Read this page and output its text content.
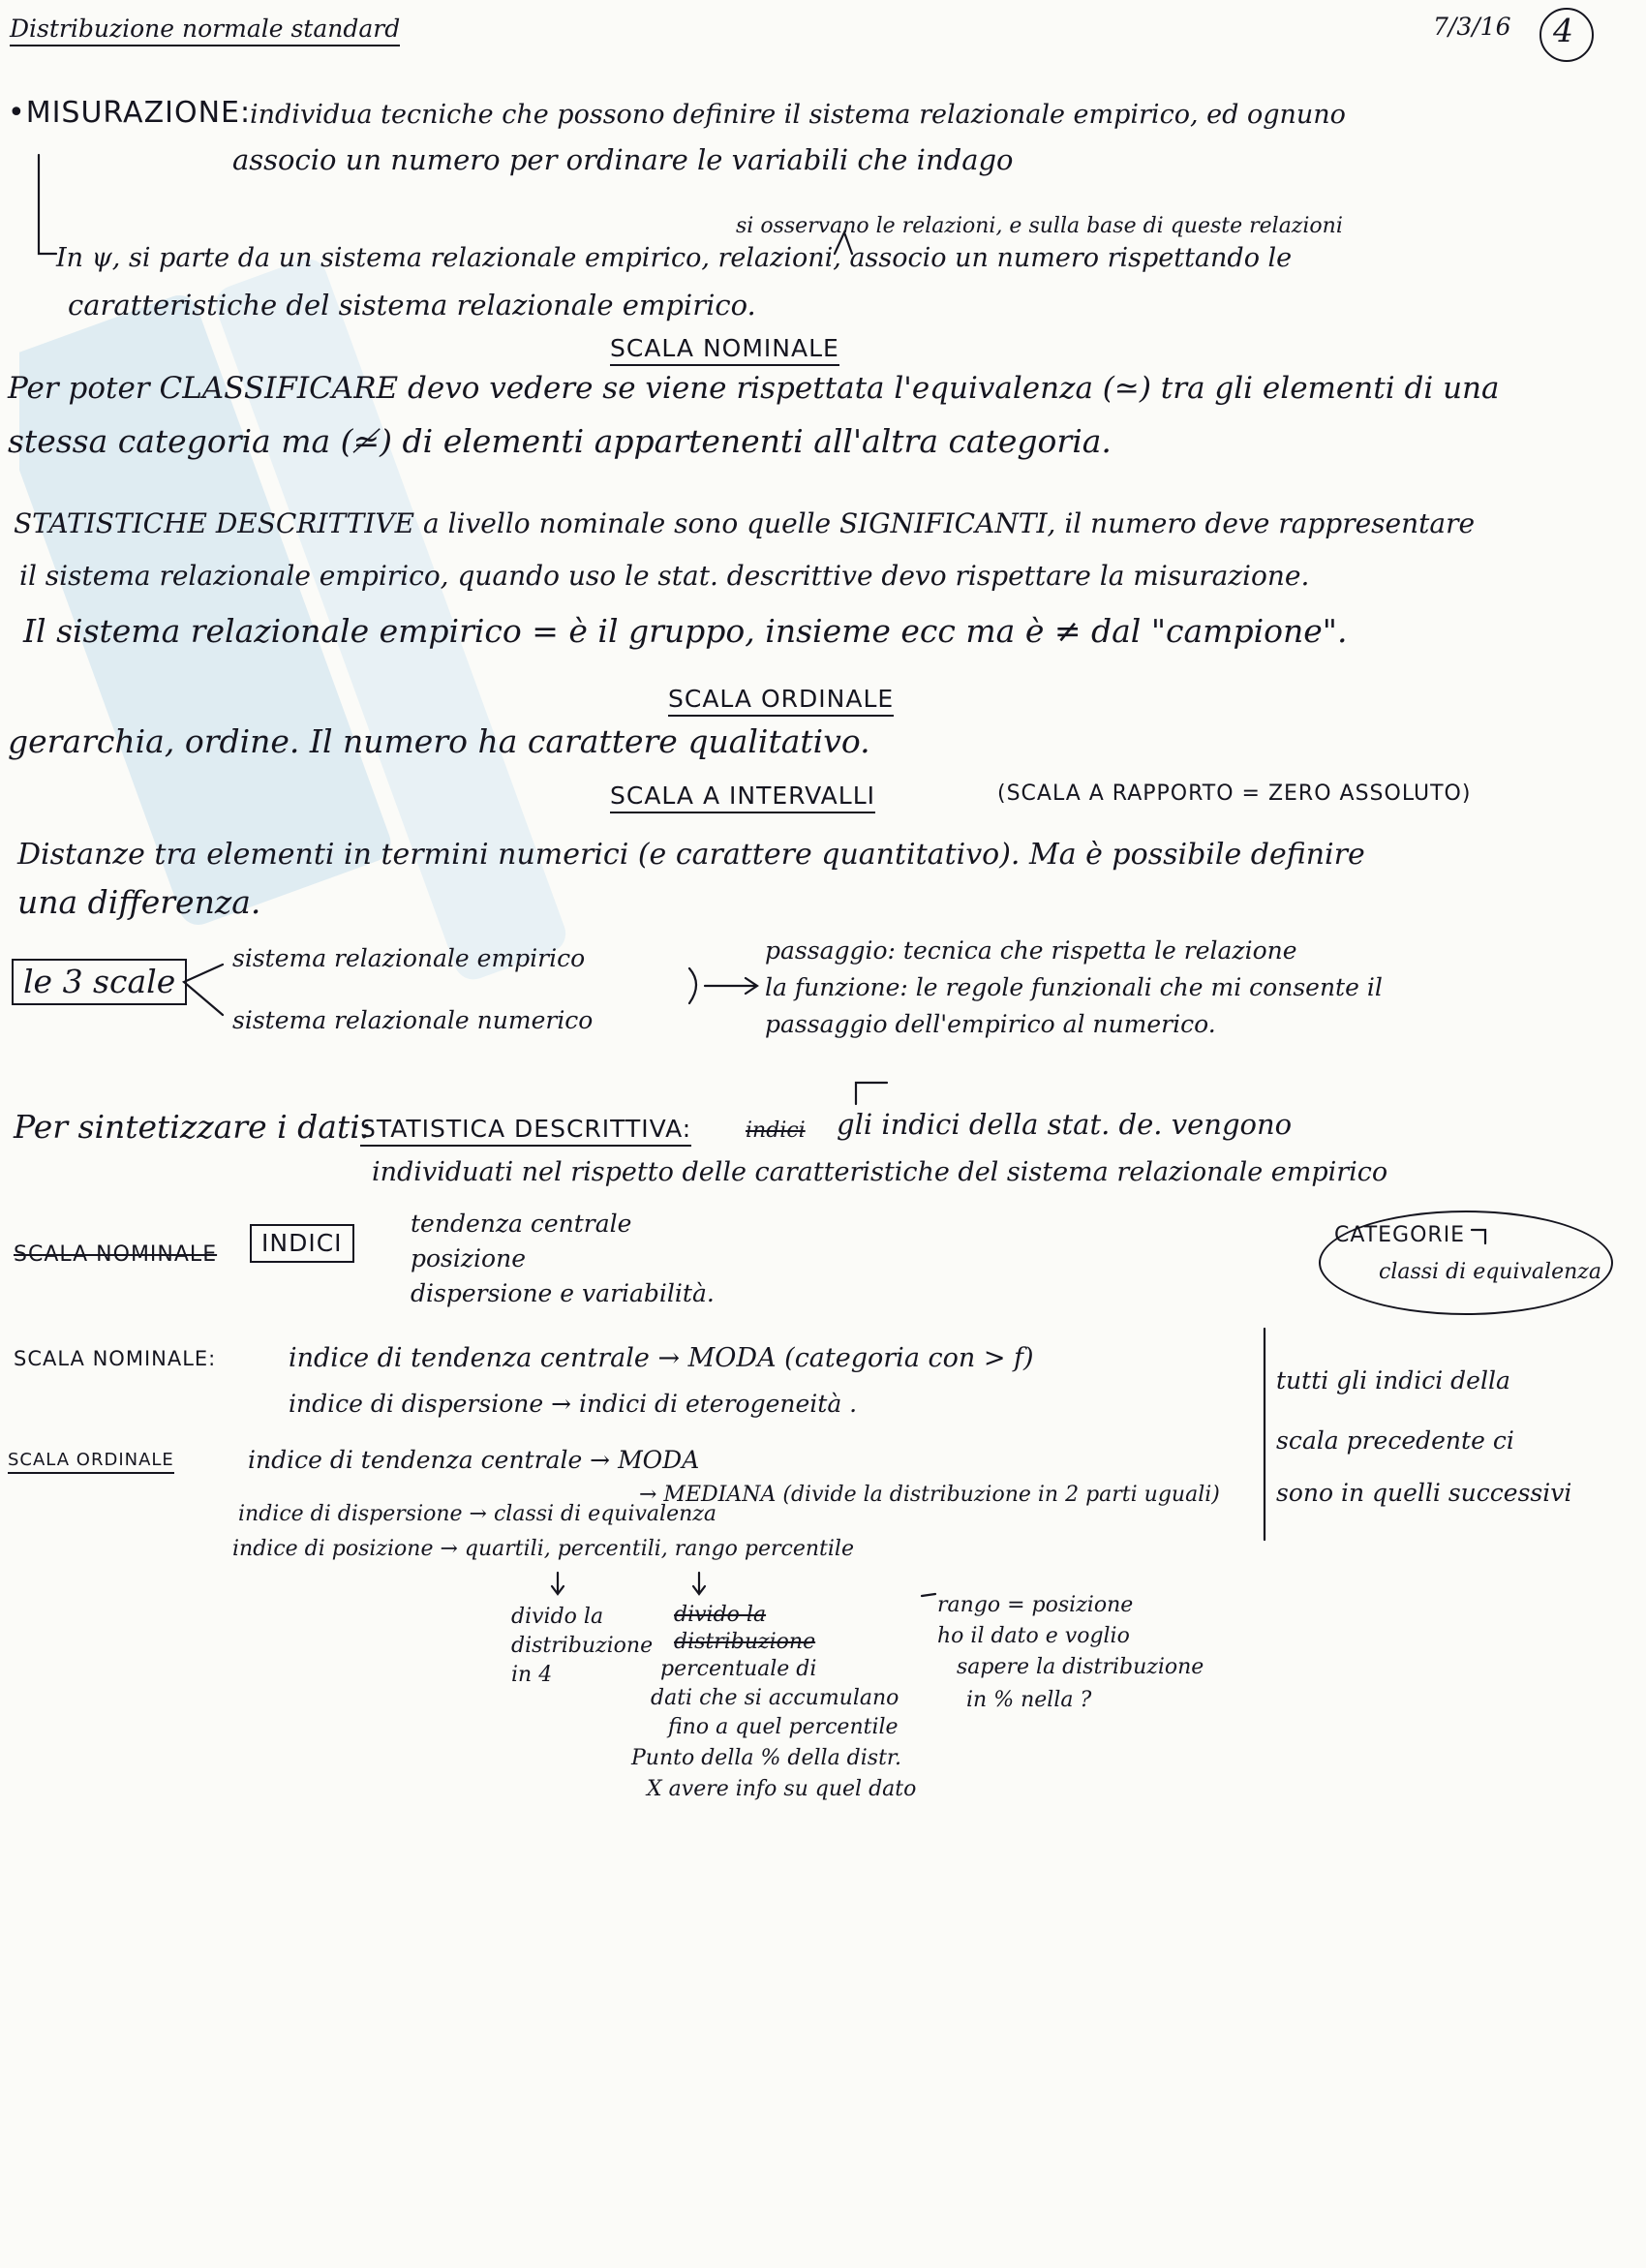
Distribuzione normale standard	7/3/16 4
•MISURAZIONE:
individua tecniche che possono definire il sistema relazionale empirico, ed ognuno
associo un numero per ordinare le variabili che indago
si osservano le relazioni, e sulla base di queste relazioni
In ψ, si parte da un sistema relazionale empirico, relazioni, associo un numero rispettando le
caratteristiche del sistema relazionale empirico.
SCALA NOMINALE
Per poter CLASSIFICARE devo vedere se viene rispettata l'equivalenza (≃) tra gli elementi di una
stessa categoria ma (≄) di elementi appartenenti all'altra categoria.
STATISTICHE DESCRITTIVE a livello nominale sono quelle SIGNIFICANTI, il numero deve rappresentare
il sistema relazionale empirico, quando uso le stat. descrittive devo rispettare la misurazione.
Il sistema relazionale empirico = è il gruppo, insieme ecc ma è ≠ dal "campione".
SCALA ORDINALE
gerarchia, ordine. Il numero ha carattere qualitativo.
SCALA A INTERVALLI	(SCALA A RAPPORTO = ZERO ASSOLUTO)
Distanze tra elementi in termini numerici (e carattere quantitativo). Ma è possibile definire
una differenza.
le 3 scale
sistema relazionale empirico
sistema relazionale numerico
passaggio: tecnica che rispetta le relazione
la funzione: le regole funzionali che mi consente il
passaggio dell'empirico al numerico.
Per sintetizzare i dati:
STATISTICA DESCRITTIVA:	indici gli indici della stat. de. vengono
individuati nel rispetto delle caratteristiche del sistema relazionale empirico
SCALA NOMINALE	INDICI
tendenza centrale
posizione
dispersione e variabilità.
CATEGORIE
classi di equivalenza
SCALA NOMINALE:	indice di tendenza centrale → MODA (categoria con > f)
indice di dispersione → indici di eterogeneità .
SCALA ORDINALE	indice di tendenza centrale → MODA
→ MEDIANA (divide la distribuzione in 2 parti uguali)
indice di dispersione → classi di equivalenza
indice di posizione → quartili, percentili, rango percentile
tutti gli indici della
scala precedente ci
sono in quelli successivi
divido la
distribuzione
in 4
divido la
distribuzione
percentuale di
dati che si accumulano
fino a quel percentile
Punto della % della distr.
X avere info su quel dato
rango = posizione
ho il dato e voglio
sapere la distribuzione
in % nella ?
